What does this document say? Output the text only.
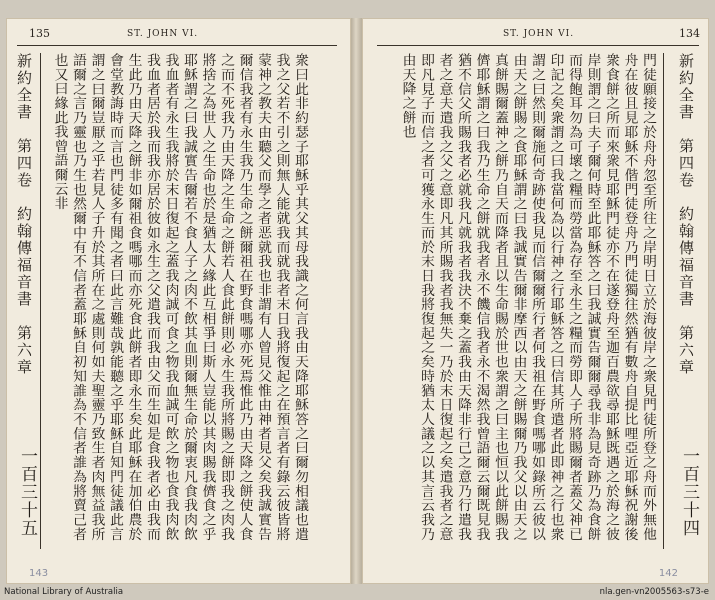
135	ST. JOHN VI.

衆曰此非約瑟子耶穌乎其父其母我識之何言我由天降耶穌答之曰爾勿相議也遣我之父若不引之則無人能就我而就我者末日我將復起之在預言者有錄云彼皆將蒙神之教夫由聽父而學之者恶就我也非謂有人曾見父惟由神者見父矣我誠實告爾信我者有永生我乃生命之餅爾祖在野食嗎哪亦死焉惟此乃由天降之餅使人食之而不死我乃由天降之生命之餅若人食此餅則必永生我所將賜之餅即我之肉我將捨之為世人之生命也於是猶太人緣此互相爭曰斯人豈能以其肉賜我儕食之乎耶穌謂之曰我誠實告爾若不食人子之肉不飲其血則爾無生命於爾衷凡食我肉飲我血者有永生我將於末日復起之蓋我肉誠可食之物我血誠可飲之物也食我肉飲我血者居於我而我亦居於彼如永生之父遣我而我由父而生如是食我者必由我而生此乃由天降之餅非如爾祖食嗎哪而亦死食此餅者即永生矣此耶穌在加伯農於會堂教誨時而言也門徒多有聞之者曰此言難哉孰能聽之乎耶穌自知門徒議此言謂之曰爾豈厭之乎若見人子升於其所在之處則何如夫聖靈乃致生者肉無益我所語爾之言乃靈也乃生也然爾中有不信者蓋耶穌自初知誰為不信者誰為將賣己者也又曰緣此我曾語爾云非

新約全書　第四卷　約翰傳福音書　第六章
一百三十五
143
ST. JOHN VI.	134

門徒願接之於舟舟忽至所往之岸明日立於海彼岸之衆見門徒所登之舟而外無他舟在彼且見耶穌不偕門徒登舟乃門徒獨往然猶有數舟自提比哩亞近耶穌祝謝後衆食餅之所而來衆見耶穌門徒亦不在遂登舟至迦百農欲尋耶穌既遇之於海之彼岸則謂之曰夫子爾何時至此耶穌答之曰我誠實告爾爾尋我非為見奇跡乃為食餅而得飽耳勿為可壞之糧而勞當為存至永生之糧而勞即人子所將賜爾者蓋父神已印記之矣衆謂之曰我當何為以行神之行耶穌答之曰信其所遣者此即神之行也衆謂之曰然則爾施何奇跡使我見而信爾爾所行者何我祖在野食嗎哪如錄所云彼以由天之餅賜之食耶穌謂之曰我誠實告爾非摩西以由天之餅賜爾乃我父以由天之真餅賜爾蓋神之餅乃自天而降者且以生命賜於世也衆謂之曰主也恒以此餅賜我儕耶穌謂之曰我乃生命之餅就我者永不饑信我者永不渴然我曾語爾云爾既見我猶不信父所賜我者必就我凡就我者我決不棄之蓋我由天降非行己之意乃行遣我者之意夫遣我之父之意即凡其所賜我者我無失一乃於末日復起之矣遣我者之意即凡見子而信之者可獲永生而於末日我將復起之矣時猶太人議之以其言云我乃由天降之餅也	新約全書　第四卷　約翰傳福音書　第六章
一百三十四
142
National Library of Australia	nla.gen-vn2005563-s73-e
